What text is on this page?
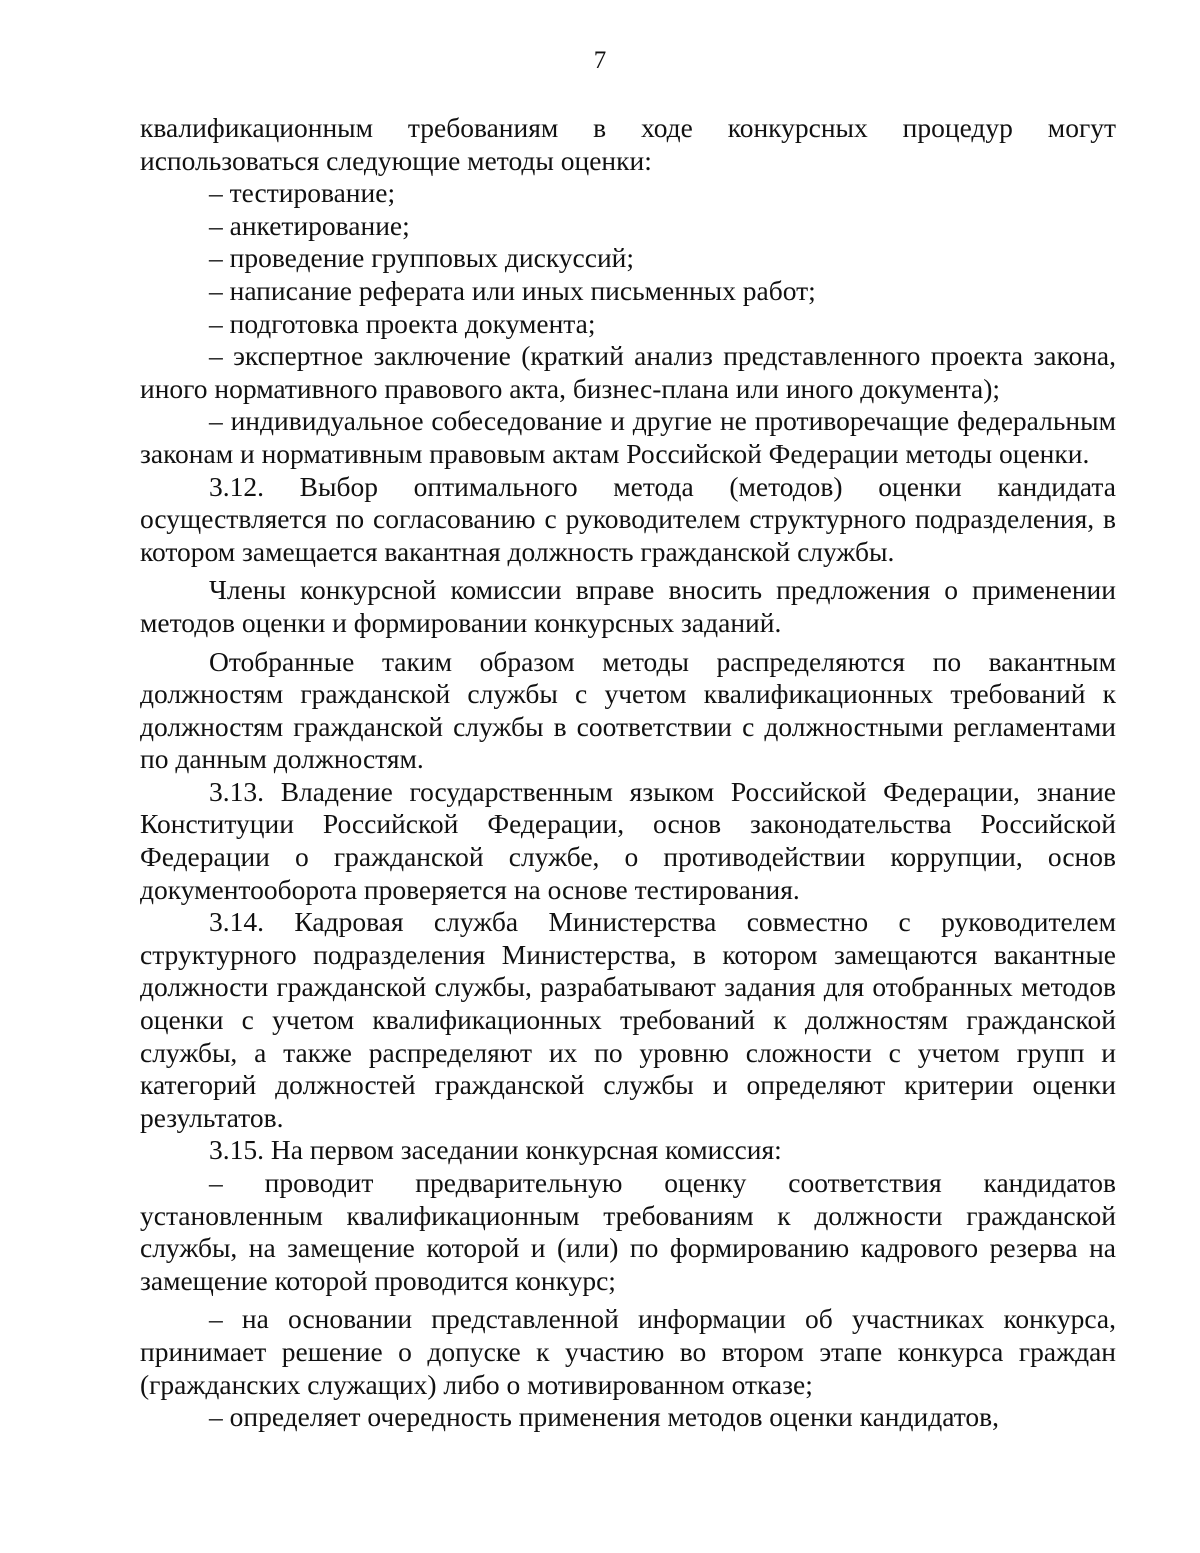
7

квалификационным требованиям в ходе конкурсных процедур могут использоваться следующие методы оценки:

– тестирование;

– анкетирование;

– проведение групповых дискуссий;

– написание реферата или иных письменных работ;

– подготовка проекта документа;

– экспертное заключение (краткий анализ представленного проекта закона, иного нормативного правового акта, бизнес-плана или иного документа);

– индивидуальное собеседование и другие не противоречащие федеральным законам и нормативным правовым актам Российской Федерации методы оценки.

3.12. Выбор оптимального метода (методов) оценки кандидата осуществляется по согласованию с руководителем структурного подразделения, в котором замещается вакантная должность гражданской службы.

Члены конкурсной комиссии вправе вносить предложения о применении методов оценки и формировании конкурсных заданий.

Отобранные таким образом методы распределяются по вакантным должностям гражданской службы с учетом квалификационных требований к должностям гражданской службы в соответствии с должностными регламентами по данным должностям.

3.13. Владение государственным языком Российской Федерации, знание Конституции Российской Федерации, основ законодательства Российской Федерации о гражданской службе, о противодействии коррупции, основ документооборота проверяется на основе тестирования.

3.14. Кадровая служба Министерства совместно с руководителем структурного подразделения Министерства, в котором замещаются вакантные должности гражданской службы, разрабатывают задания для отобранных методов оценки с учетом квалификационных требований к должностям гражданской службы, а также распределяют их по уровню сложности с учетом групп и категорий должностей гражданской службы и определяют критерии оценки результатов.

3.15. На первом заседании конкурсная комиссия:

– проводит предварительную оценку соответствия кандидатов установленным квалификационным требованиям к должности гражданской службы, на замещение которой и (или) по формированию кадрового резерва на замещение которой проводится конкурс;

– на основании представленной информации об участниках конкурса, принимает решение о допуске к участию во втором этапе конкурса граждан (гражданских служащих) либо о мотивированном отказе;

– определяет очередность применения методов оценки кандидатов,
